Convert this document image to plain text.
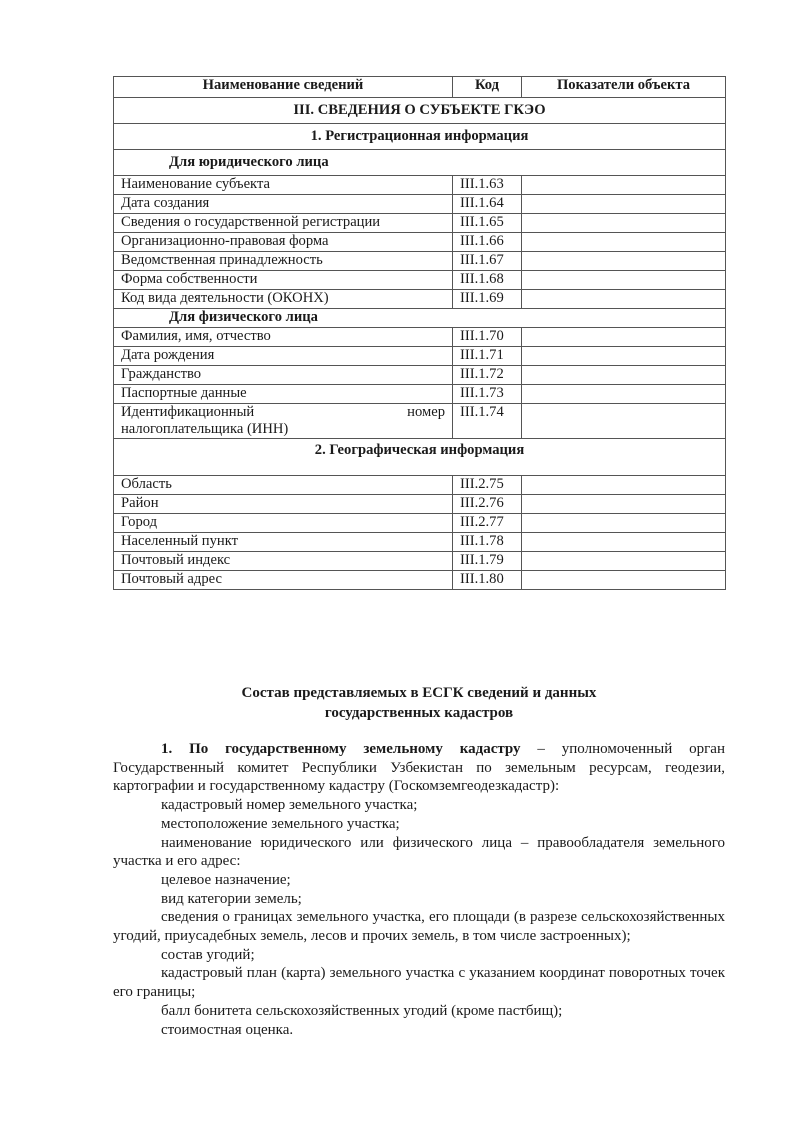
Наименование сведений	Код	Показатели объекта
III. СВЕДЕНИЯ О СУБЪЕКТЕ ГКЭО		
1. Регистрационная информация		
Для юридического лица		
Наименование субъекта	III.1.63	
Дата создания	III.1.64	
Сведения о государственной регистрации	III.1.65	
Организационно-правовая форма	III.1.66	
Ведомственная принадлежность	III.1.67	
Форма собственности	III.1.68	
Код вида деятельности (ОКОНХ)	III.1.69	
Для физического лица		
Фамилия, имя, отчество	III.1.70	
Дата рождения	III.1.71	
Гражданство	III.1.72	
Паспортные данные	III.1.73	

Идентификационный номер
налогоплательщика (ИНН)	III.1.74	
2. Географическая информация		
Область	III.2.75	
Район	III.2.76	
Город	III.2.77	
Населенный пункт	III.1.78	
Почтовый индекс	III.1.79	
Почтовый адрес	III.1.80	
Состав представляемых в ЕСГК сведений и данных
государственных кадастров

1. По государственному земельному кадастру – уполномоченный орган Государственный комитет Республики Узбекистан по земельным ресурсам, геодезии, картографии и государственному кадастру (Госкомземгеодезкадастр):

кадастровый номер земельного участка;

местоположение земельного участка;

наименование юридического или физического лица – правообладателя земельного участка и его адрес:

целевое назначение;

вид категории земель;

сведения о границах земельного участка, его площади (в разрезе сельскохозяйственных угодий, приусадебных земель, лесов и прочих земель, в том числе застроенных);

состав угодий;

кадастровый план (карта) земельного участка с указанием координат поворотных точек его границы;

балл бонитета сельскохозяйственных угодий (кроме пастбищ);

стоимостная оценка.
